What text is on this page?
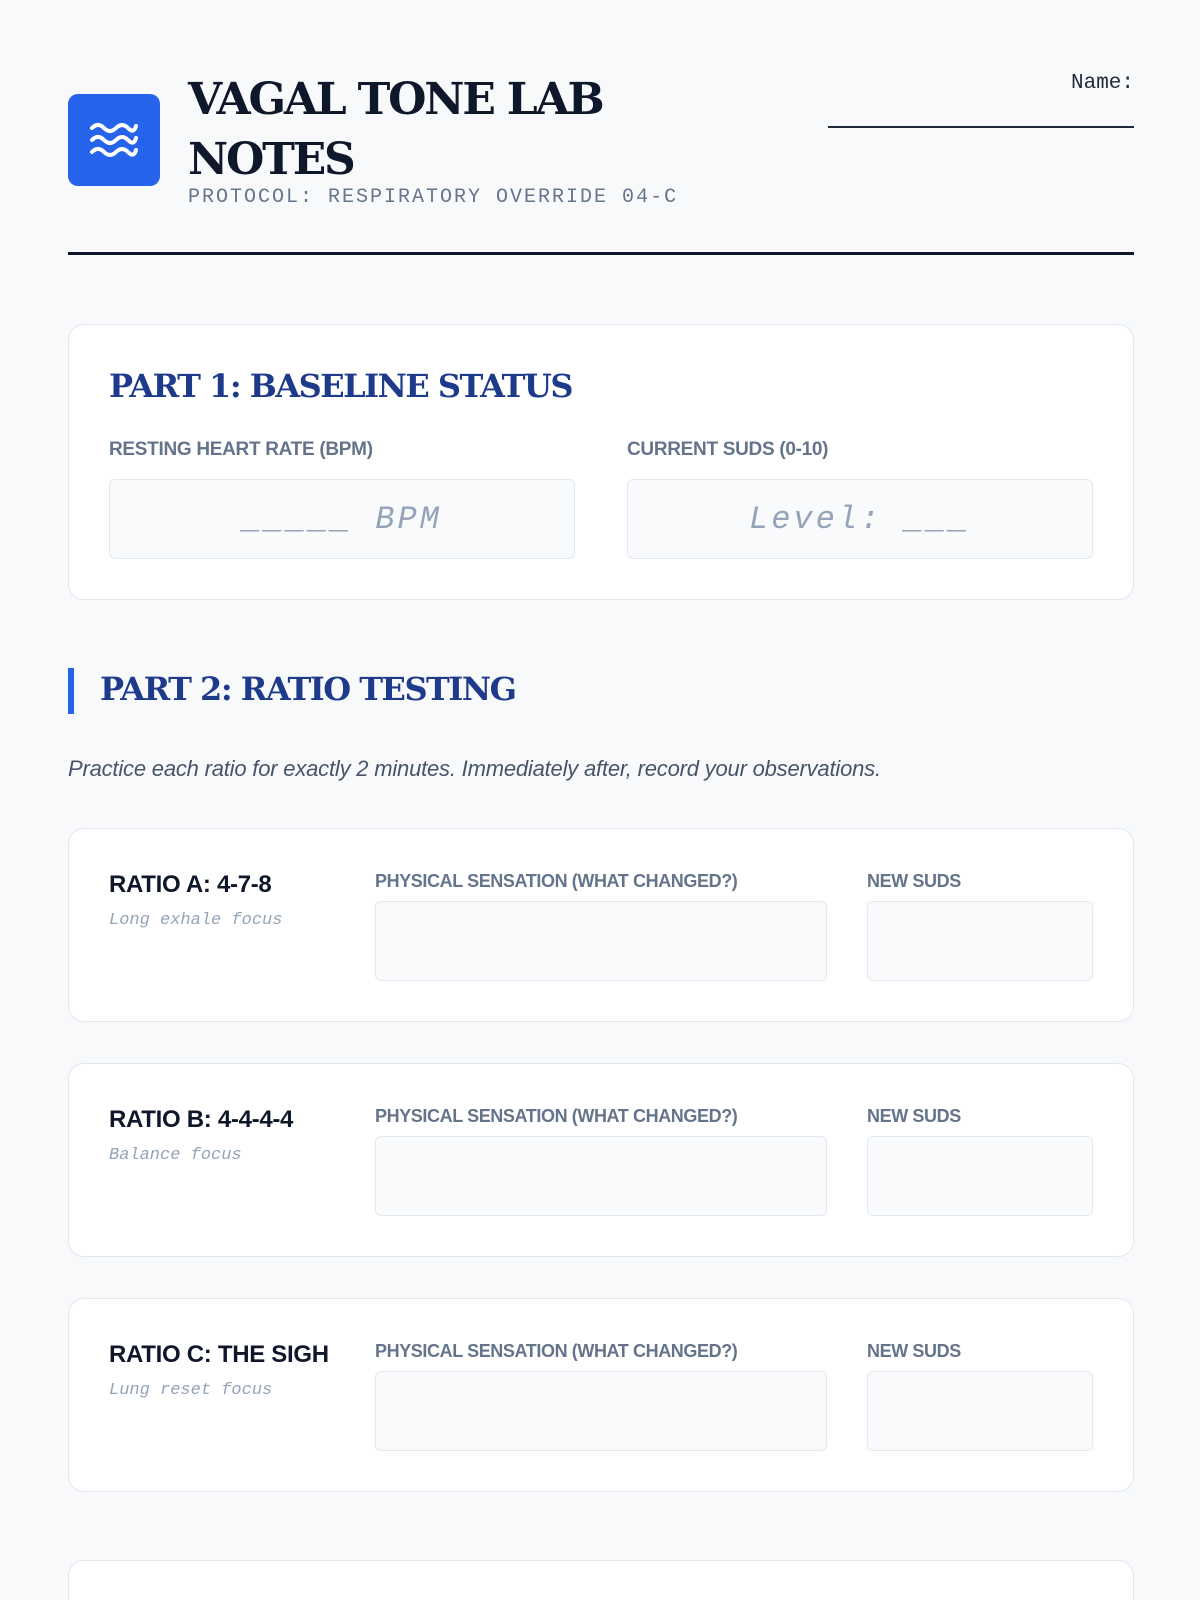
VAGAL TONE LAB NOTES
PROTOCOL: RESPIRATORY OVERRIDE 04-C
Name:
PART 1: BASELINE STATUS
RESTING HEART RATE (BPM)
_____ BPM
CURRENT SUDS (0-10)
Level: ___
PART 2: RATIO TESTING

Practice each ratio for exactly 2 minutes. Immediately after, record your observations.

RATIO A: 4-7-8
Long exhale focus
PHYSICAL SENSATION (WHAT CHANGED?)	NEW SUDS
RATIO B: 4-4-4-4
Balance focus
PHYSICAL SENSATION (WHAT CHANGED?)	NEW SUDS
RATIO C: THE SIGH
Lung reset focus
PHYSICAL SENSATION (WHAT CHANGED?)	NEW SUDS
